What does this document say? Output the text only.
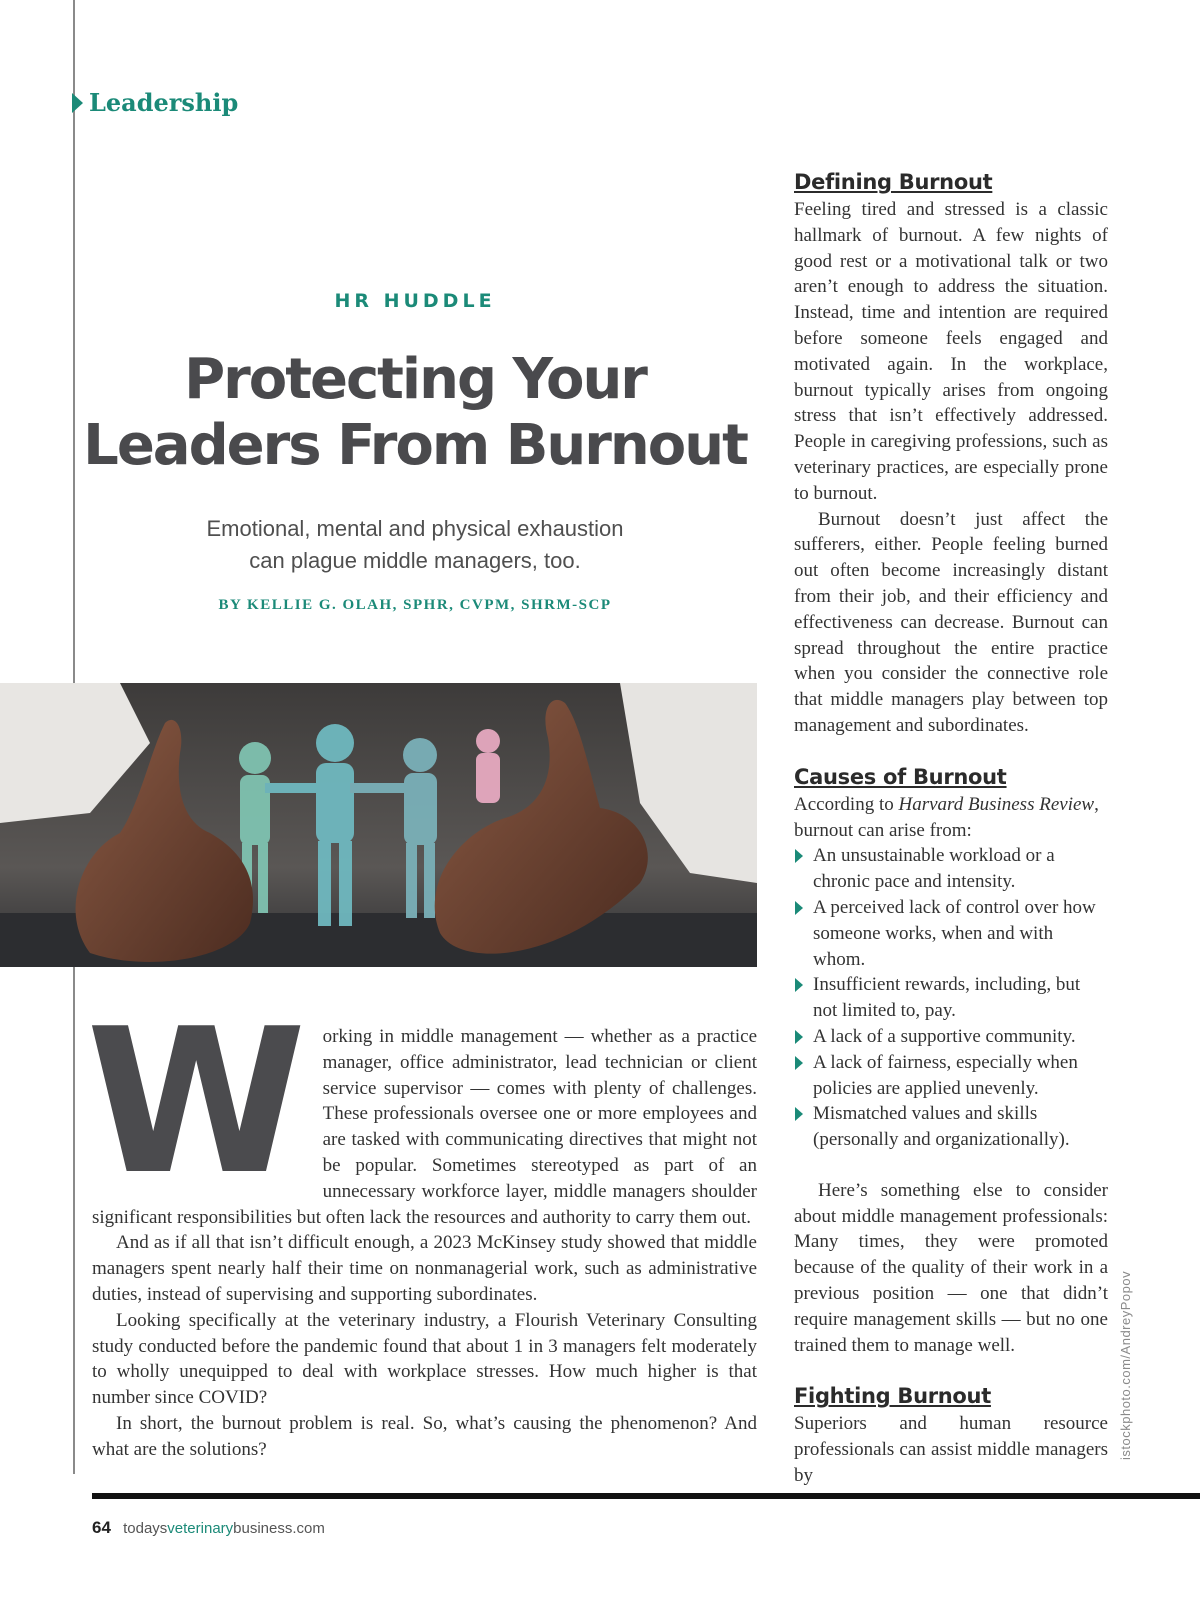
Leadership
HR HUDDLE
Protecting Your
Leaders From Burnout
Emotional, mental and physical exhaustion
can plague middle managers, too.
BY KELLIE G. OLAH, SPHR, CVPM, SHRM-SCP
W orking in middle management — whether as a practice manager, office administrator, lead technician or client service supervisor — comes with plenty of challenges. These professionals oversee one or more employees and are tasked with communicating directives that might not be popular. Sometimes stereotyped as part of an unnecessary workforce layer, middle managers shoulder significant responsibilities but often lack the resources and authority to carry them out.

And as if all that isn’t difficult enough, a 2023 McKinsey study showed that middle managers spent nearly half their time on nonmanagerial work, such as administrative duties, instead of supervising and supporting subordinates.

Looking specifically at the veterinary industry, a Flourish Veterinary Consulting study conducted before the pandemic found that about 1 in 3 managers felt moderately to wholly unequipped to deal with workplace stresses. How much higher is that number since COVID?

In short, the burnout problem is real. So, what’s causing the phenomenon? And what are the solutions?

Defining Burnout

Feeling tired and stressed is a classic hallmark of burnout. A few nights of good rest or a motivational talk or two aren’t enough to address the situation. Instead, time and intention are required before someone feels engaged and motivated again. In the workplace, burnout typically arises from ongoing stress that isn’t effectively addressed. People in caregiving professions, such as veterinary practices, are especially prone to burnout.

Burnout doesn’t just affect the sufferers, either. People feeling burned out often become increasingly distant from their job, and their efficiency and effectiveness can decrease. Burnout can spread throughout the entire practice when you consider the connective role that middle managers play between top management and subordinates.

Causes of Burnout

According to Harvard Business Review, burnout can arise from:

An unsustainable workload or a chronic pace and intensity.
A perceived lack of control over how someone works, when and with whom.
Insufficient rewards, including, but not limited to, pay.
A lack of a supportive community.
A lack of fairness, especially when policies are applied unevenly.
Mismatched values and skills (personally and organizationally).

Here’s something else to consider about middle management professionals: Many times, they were promoted because of the quality of their work in a previous position — one that didn’t require management skills — but no one trained them to manage well.

Fighting Burnout

Superiors and human resource professionals can assist middle managers by

istockphoto.com/AndreyPopov
64 todaysveterinarybusiness.com
